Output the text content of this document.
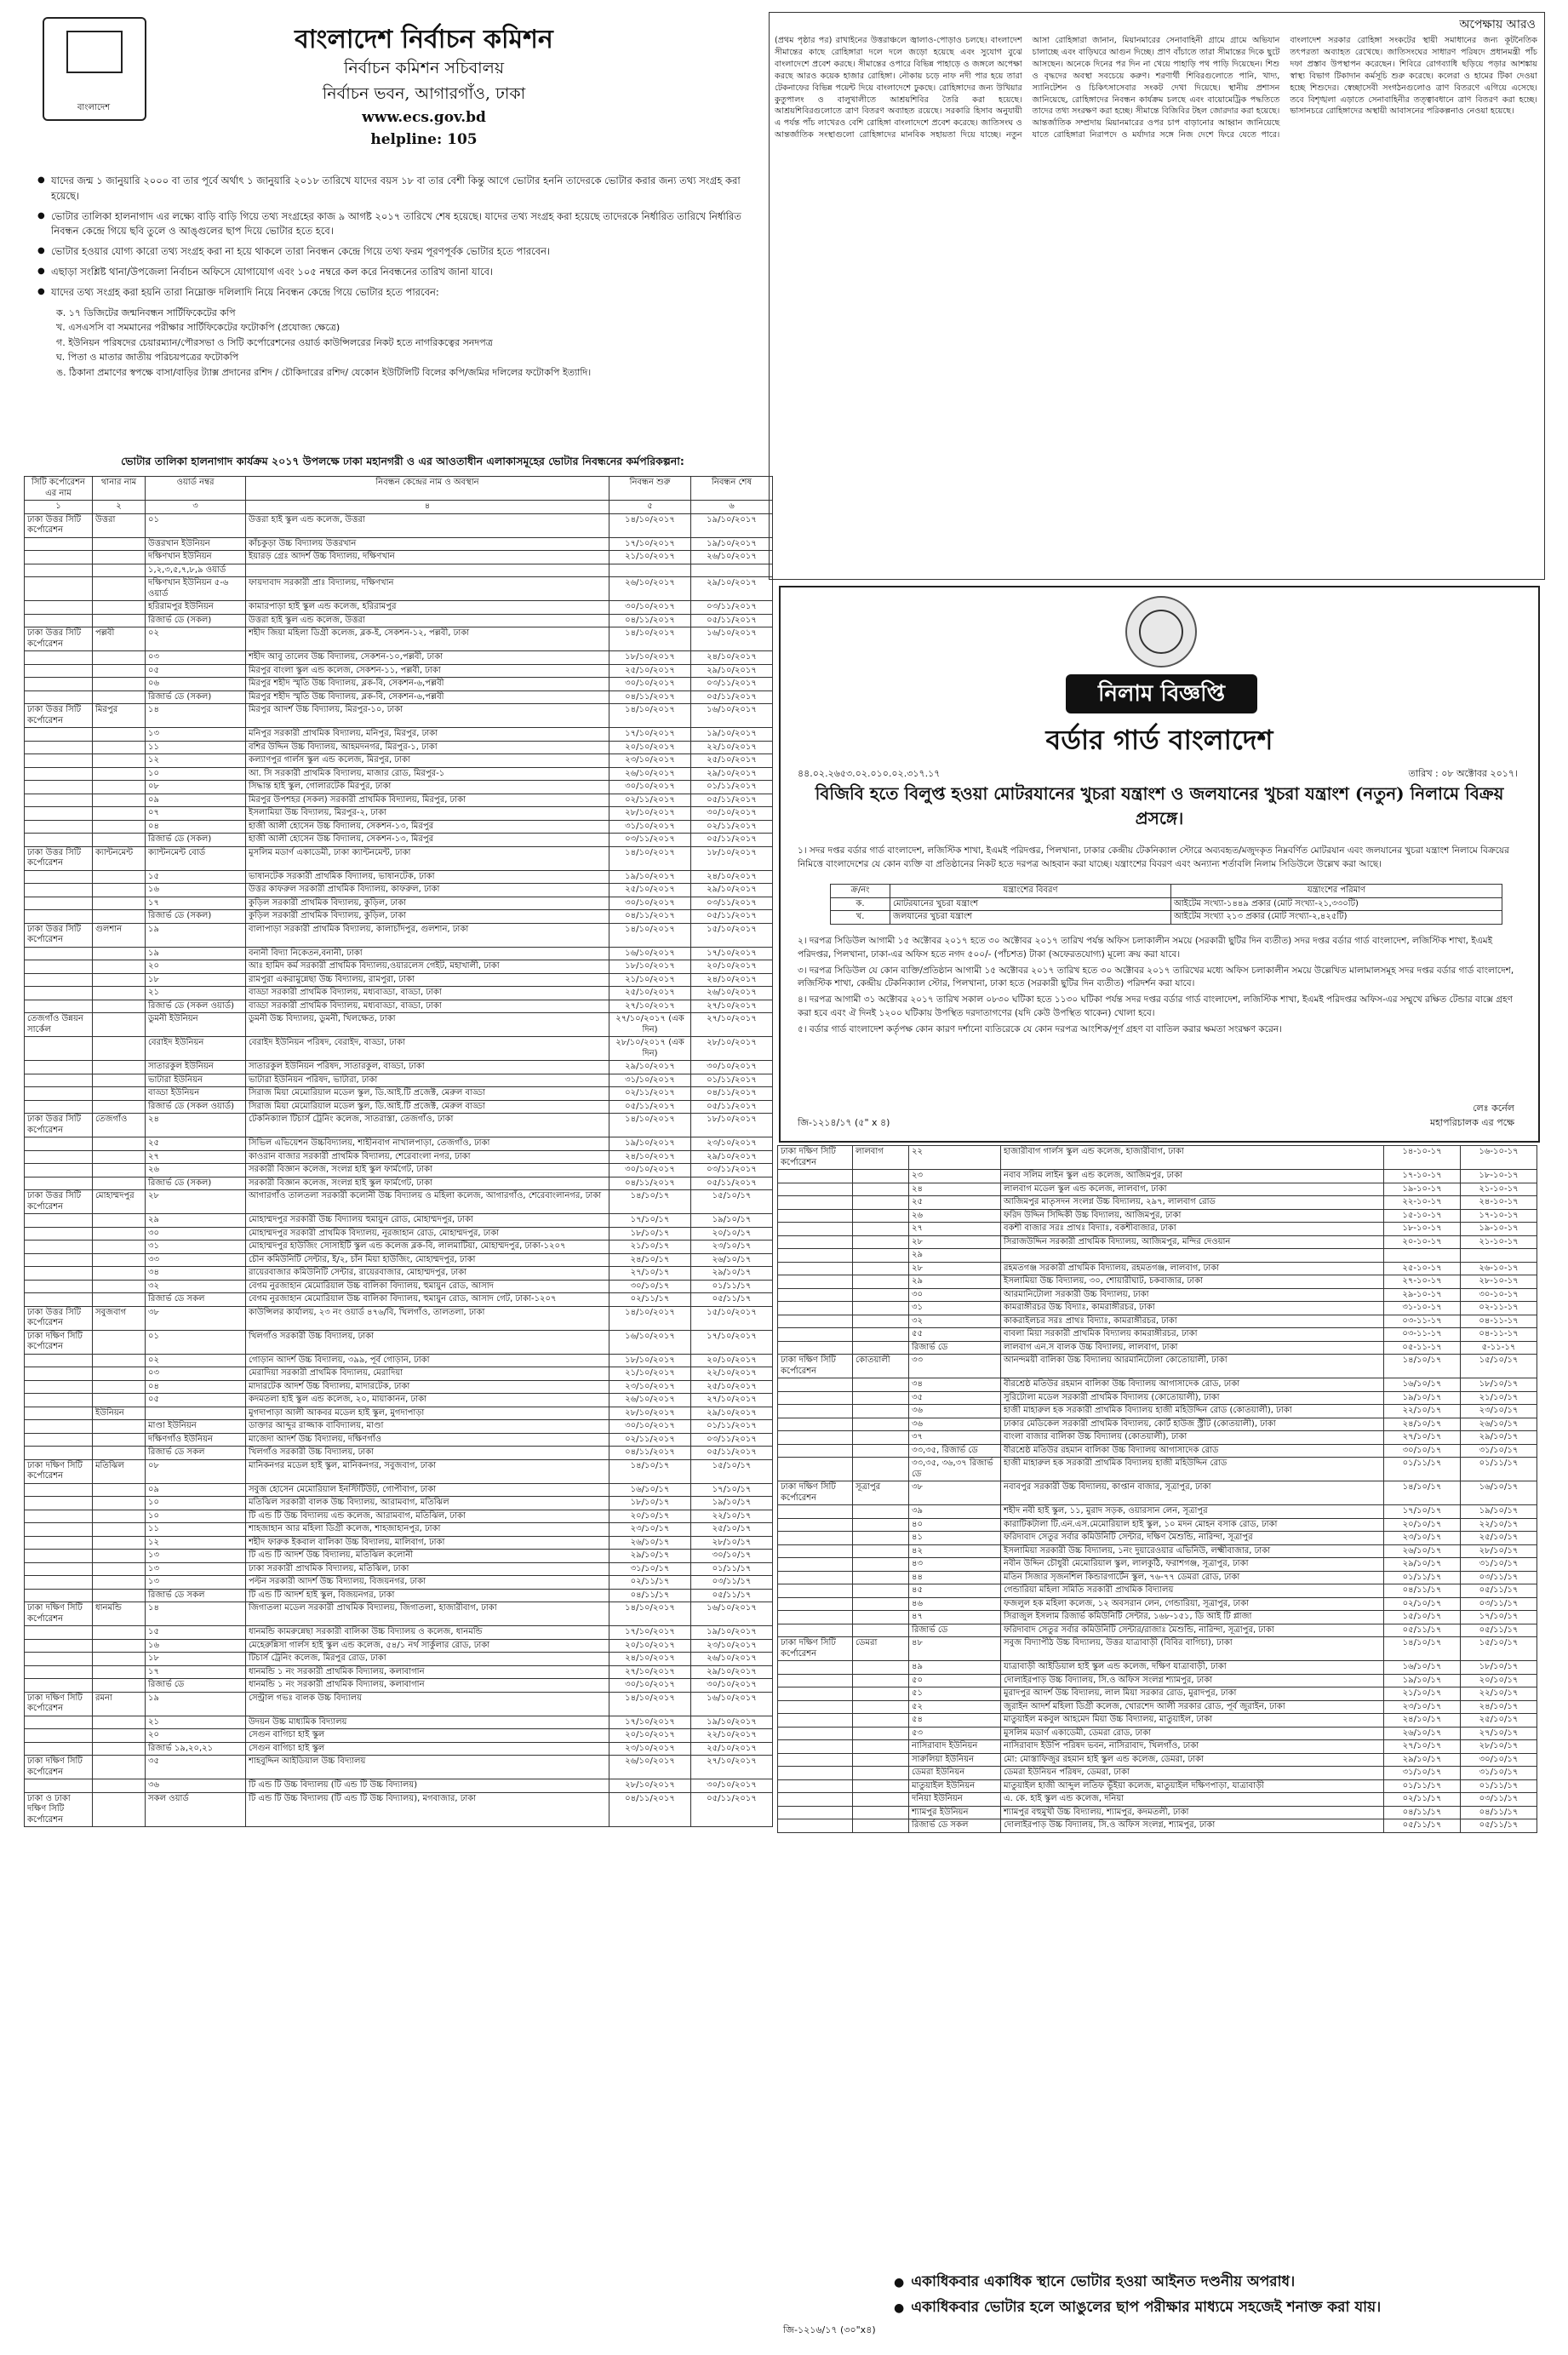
বাংলাদেশ
বাংলাদেশ নির্বাচন কমিশন
নির্বাচন কমিশন সচিবালয়
নির্বাচন ভবন, আগারগাঁও, ঢাকা
www.ecs.gov.bd
helpline: 105
● যাদের জন্ম ১ জানুয়ারি ২০০০ বা তার পূর্বে অর্থাৎ ১ জানুয়ারি ২০১৮ তারিখে যাদের বয়স ১৮ বা তার বেশী কিন্তু আগে ভোটার হননি তাদেরকে ভোটার করার জন্য তথ্য সংগ্রহ করা হয়েছে।
● ভোটার তালিকা হালনাগাদ এর লক্ষ্যে বাড়ি বাড়ি গিয়ে তথ্য সংগ্রহের কাজ ৯ আগষ্ট ২০১৭ তারিখে শেষ হয়েছে। যাদের তথ্য সংগ্রহ করা হয়েছে তাদেরকে নির্ধারিত তারিখে নির্ধারিত নিবন্ধন কেন্দ্রে গিয়ে ছবি তুলে ও আঙ্গুলের ছাপ দিয়ে ভোটার হতে হবে।
● ভোটার হওয়ার যোগ্য কারো তথ্য সংগ্রহ করা না হয়ে থাকলে তারা নিবন্ধন কেন্দ্রে গিয়ে তথ্য ফরম পূরণপূর্বক ভোটার হতে পারবেন।
● এছাড়া সংশ্লিষ্ট থানা/উপজেলা নির্বাচন অফিসে যোগাযোগ এবং ১০৫ নম্বরে কল করে নিবন্ধনের তারিখ জানা যাবে।
● যাদের তথ্য সংগ্রহ করা হয়নি তারা নিম্নোক্ত দলিলাদি নিয়ে নিবন্ধন কেন্দ্রে গিয়ে ভোটার হতে পারবেন:
ক. ১৭ ডিজিটের জন্মনিবন্ধন সার্টিফিকেটের কপি
খ. এসএসসি বা সমমানের পরীক্ষার সার্টিফিকেটের ফটোকপি (প্রযোজ্য ক্ষেত্রে)
গ. ইউনিয়ন পরিষদের চেয়ারম্যান/পৌরসভা ও সিটি কর্পোরেশনের ওয়ার্ড কাউন্সিলরের নিকট হতে নাগরিকত্বের সনদপত্র
ঘ. পিতা ও মাতার জাতীয় পরিচয়পত্রের ফটোকপি
ঙ. ঠিকানা প্রমাণের স্বপক্ষে বাসা/বাড়ির ট্যাক্স প্রদানের রশিদ / চৌকিদারের রশিদ/ যেকোন ইউটিলিটি বিলের কপি/জমির দলিলের ফটোকপি ইত্যাদি।
ভোটার তালিকা হালনাগাদ কার্যক্রম ২০১৭ উপলক্ষে ঢাকা মহানগরী ও এর আওতাধীন এলাকাসমূহের ভোটার নিবন্ধনের কর্মপরিকল্পনা:
সিটি কর্পোরেশন এর নাম	থানার নাম	ওয়ার্ড নম্বর	নিবন্ধন কেন্দ্রের নাম ও অবস্থান	নিবন্ধন শুরু	নিবন্ধন শেষ
১	২	৩	৪	৫	৬
ঢাকা উত্তর সিটি কর্পোরেশন	উত্তরা	০১	উত্তরা হাই স্কুল এন্ড কলেজ, উত্তরা	১৪/১০/২০১৭	১৯/১০/২০১৭
		উত্তরখান ইউনিয়ন	কাঁচকুড়া উচ্চ বিদ্যালয় উত্তরখান	১৭/১০/২০১৭	১৯/১০/২০১৭
		দক্ষিণখান ইউনিয়ন	ইয়ারড় গ্রেঃ আদর্শ উচ্চ বিদ্যালয়, দক্ষিণখান	২১/১০/২০১৭	২৬/১০/২০১৭
		১,২,৩,৫,৭,৮,৯ ওয়ার্ড			
		দক্ষিণখান ইউনিয়ন ৫-৬ ওয়ার্ড	ফায়দাবাদ সরকারী প্রাঃ বিদ্যালয়, দক্ষিণখান	২৬/১০/২০১৭	২৯/১০/২০১৭
		হরিরামপুর ইউনিয়ন	কামারপাড়া হাই স্কুল এন্ড কলেজ, হরিরামপুর	৩০/১০/২০১৭	০৩/১১/২০১৭
		রিজার্ভ ডে (সকল)	উত্তরা হাই স্কুল এন্ড কলেজ, উত্তরা	০৪/১১/২০১৭	০৫/১১/২০১৭
ঢাকা উত্তর সিটি কর্পোরেশন	পল্লবী	০২	শহীদ জিয়া মহিলা ডিগ্রী কলেজ, ব্লক-ই, সেকশন-১২, পল্লবী, ঢাকা	১৪/১০/২০১৭	১৬/১০/২০১৭
		০৩	শহীদ আবু তালেব উচ্চ বিদ্যালয়, সেকশন-১০,পল্লবী, ঢাকা	১৮/১০/২০১৭	২৪/১০/২০১৭
		০৫	মিরপুর বাংলা স্কুল এন্ড কলেজ, সেকশন-১১, পল্লবী, ঢাকা	২৫/১০/২০১৭	২৯/১০/২০১৭
		০৬	মিরপুর শহীদ স্মৃতি উচ্চ বিদ্যালয়, ব্লক-বি, সেকশন-৬,পল্লবী	৩০/১০/২০১৭	০৩/১১/২০১৭
		রিজার্ভ ডে (সকল)	মিরপুর শহীদ স্মৃতি উচ্চ বিদ্যালয়, ব্লক-বি, সেকশন-৬,পল্লবী	০৪/১১/২০১৭	০৫/১১/২০১৭
ঢাকা উত্তর সিটি কর্পোরেশন	মিরপুর	১৪	মিরপুর আদর্শ উচ্চ বিদ্যালয়, মিরপুর-১০, ঢাকা	১৪/১০/২০১৭	১৬/১০/২০১৭
		১৩	মনিপুর সরকারী প্রাথমিক বিদ্যালয়, মনিপুর, মিরপুর, ঢাকা	১৭/১০/২০১৭	১৯/১০/২০১৭
		১১	বশির উদ্দিন উচ্চ বিদ্যালয়, আহমদনগর, মিরপুর-১, ঢাকা	২০/১০/২০১৭	২২/১০/২০১৭
		১২	কল্যাণপুর গার্লস স্কুল এন্ড কলেজ, মিরপুর, ঢাকা	২৩/১০/২০১৭	২৫/১০/২০১৭
		১০	আ. সি সরকারী প্রাথমিক বিদ্যালয়, মাজার রোড, মিরপুর-১	২৬/১০/২০১৭	২৯/১০/২০১৭
		০৮	সিদ্ধান্ত হাই স্কুল, গোলারটেক মিরপুর, ঢাকা	৩০/১০/২০১৭	০১/১১/২০১৭
		০৯	মিরপুর উপশহর (সকল) সরকারী প্রাথমিক বিদ্যালয়, মিরপুর, ঢাকা	০২/১১/২০১৭	০৫/১১/২০১৭
		০৭	ইসলামিয়া উচ্চ বিদ্যালয়, মিরপুর-২, ঢাকা	২৮/১০/২০১৭	৩০/১০/২০১৭
		০৪	হাজী আলী হোসেন উচ্চ বিদ্যালয়, সেকশন-১৩, মিরপুর	৩১/১০/২০১৭	০২/১১/২০১৭
		রিজার্ভ ডে (সকল)	হাজী আলী হোসেন উচ্চ বিদ্যালয়, সেকশন-১৩, মিরপুর	০৩/১১/২০১৭	০৫/১১/২০১৭
ঢাকা উত্তর সিটি কর্পোরেশন	ক্যান্টনমেন্ট	ক্যান্টনমেন্ট বোর্ড	মুসলিম মডার্ণ একাডেমী, ঢাকা ক্যান্টনমেন্ট, ঢাকা	১৪/১০/২০১৭	১৮/১০/২০১৭
		১৫	ভাষানটেক সরকারী প্রাথমিক বিদ্যালয়, ভাষানটেক, ঢাকা	১৯/১০/২০১৭	২৪/১০/২০১৭
		১৬	উত্তর কাফরুল সরকারী প্রাথমিক বিদ্যালয়, কাফরুল, ঢাকা	২৫/১০/২০১৭	২৯/১০/২০১৭
		১৭	কুড়িল সরকারী প্রাথমিক বিদ্যালয়, কুড়িল, ঢাকা	৩০/১০/২০১৭	০৩/১১/২০১৭
		রিজার্ভ ডে (সকল)	কুড়িল সরকারী প্রাথমিক বিদ্যালয়, কুড়িল, ঢাকা	০৪/১১/২০১৭	০৫/১১/২০১৭
ঢাকা উত্তর সিটি কর্পোরেশন	গুলশান	১৯	বালাপাড়া সরকারী প্রাথমিক বিদ্যালয়, কালাচাঁদপুর, গুলশান, ঢাকা	১৪/১০/২০১৭	১৫/১০/২০১৭
		১৯	বনানী বিদ্যা নিকেতন,বনানী, ঢাকা	১৬/১০/২০১৭	১৭/১০/২০১৭
		২০	আঃ হামিদ কর্ম সরকারী প্রাথমিক বিদ্যালয়,ওয়ারলেস গেইট, মহাখালী, ঢাকা	১৮/১০/২০১৭	২০/১০/২০১৭
		১৮	রামপুরা একরামুন্নেছা উচ্চ বিদ্যালয়, রামপুরা, ঢাকা	২১/১০/২০১৭	২৪/১০/২০১৭
		২১	বাড্ডা সরকারী প্রাথমিক বিদ্যালয়, মধ্যবাড্ডা, বাড্ডা, ঢাকা	২৫/১০/২০১৭	২৬/১০/২০১৭
		রিজার্ভ ডে (সকল ওয়ার্ড)	বাড্ডা সরকারী প্রাথমিক বিদ্যালয়, মধ্যবাড্ডা, বাড্ডা, ঢাকা	২৭/১০/২০১৭	২৭/১০/২০১৭
তেজগাঁও উন্নয়ন সার্কেল		ডুমনী ইউনিয়ন	ডুমনী উচ্চ বিদ্যালয়, ডুমনী, খিলক্ষেত, ঢাকা	২৭/১০/২০১৭ (এক দিন)	২৭/১০/২০১৭
		বেরাইদ ইউনিয়ন	বেরাইদ ইউনিয়ন পরিষদ, বেরাইদ, বাড্ডা, ঢাকা	২৮/১০/২০১৭ (এক দিন)	২৮/১০/২০১৭
		সাতারকুল ইউনিয়ন	সাতারকুল ইউনিয়ন পরিষদ, সাতারকুল, বাড্ডা, ঢাকা	২৯/১০/২০১৭	৩০/১০/২০১৭
		ভাটারা ইউনিয়ন	ভাটারা ইউনিয়ন পরিষদ, ভাটারা, ঢাকা	৩১/১০/২০১৭	০১/১১/২০১৭
		বাড্ডা ইউনিয়ন	সিরাজ মিয়া মেমোরিয়াল মডেল স্কুল, ডি.আই.টি প্রজেক্ট, মেরুল বাড্ডা	০২/১১/২০১৭	০৪/১১/২০১৭
		রিজার্ভ ডে (সকল ওয়ার্ড)	সিরাজ মিয়া মেমোরিয়াল মডেল স্কুল, ডি.আই.টি প্রজেক্ট, মেরুল বাড্ডা	০৫/১১/২০১৭	০৫/১১/২০১৭
ঢাকা উত্তর সিটি কর্পোরেশন	তেজগাঁও	২৪	টেকনিক্যাল টিচার্স ট্রেনিং কলেজ, সাতরাস্তা, তেজগাঁও, ঢাকা	১৪/১০/২০১৭	১৮/১০/২০১৭
		২৫	সিভিল এভিয়েশন উচ্চবিদ্যালয়, শাহীনবাগ নাখালপাড়া, তেজগাঁও, ঢাকা	১৯/১০/২০১৭	২৩/১০/২০১৭
		২৭	কাওরান বাজার সরকারী প্রাথমিক বিদ্যালয়, শেরেবাংলা নগর, ঢাকা	২৪/১০/২০১৭	২৯/১০/২০১৭
		২৬	সরকারী বিজ্ঞান কলেজ, সংলগ্ন হাই স্কুল ফার্মগেট, ঢাকা	৩০/১০/২০১৭	০৩/১১/২০১৭
		রিজার্ভ ডে (সকল)	সরকারী বিজ্ঞান কলেজ, সংলগ্ন হাই স্কুল ফার্মগেট, ঢাকা	০৪/১১/২০১৭	০৫/১১/২০১৭
ঢাকা উত্তর সিটি কর্পোরেশন	মোহাম্মদপুর	২৮	আগারগাঁও তালতলা সরকারী কলোনী উচ্চ বিদ্যালয় ও মহিলা কলেজ, আগারগাঁও, শেরেবাংলানগর, ঢাকা	১৪/১০/১৭	১৫/১০/১৭
		২৯	মোহাম্মদপুর সরকারী উচ্চ বিদ্যালয় হুমায়ুন রোড, মোহাম্মদপুর, ঢাকা	১৭/১০/১৭	১৯/১০/১৭
		৩০	মোহাম্মদপুর সরকারী প্রাথমিক বিদ্যালয়, নূরজাহান রোড, মোহাম্মদপুর, ঢাকা	১৮/১০/১৭	২০/১০/১৭
		৩১	মোহাম্মদপুর হাউজিং সোসাইটি স্কুল এন্ড কলেজ ব্লক-বি, লালমাটিয়া, মোহাম্মদপুর, ঢাকা-১২০৭	২১/১০/১৭	২৩/১০/১৭
		৩৩	চৌন কমিউনিটি সেন্টার, ই/২, চাঁন মিয়া হাউজিং, মোহাম্মদপুর, ঢাকা	২৪/১০/১৭	২৬/১০/১৭
		৩৪	রায়েরবাজার কমিউনিটি সেন্টার, রায়েরবাজার, মোহাম্মদপুর, ঢাকা	২৭/১০/১৭	২৯/১০/১৭
		৩২	বেগম নুরজাহান মেমোরিয়াল উচ্চ বালিকা বিদ্যালয়, হুমায়ুন রোড, আসাদ	৩০/১০/১৭	০১/১১/১৭
		রিজার্ভ ডে সকল	বেগম নুরজাহান মেমোরিয়াল উচ্চ বালিকা বিদ্যালয়, হুমায়ুন রোড, আসাদ গেট, ঢাকা-১২০৭	০২/১১/১৭	০৫/১১/১৭
ঢাকা উত্তর সিটি কর্পোরেশন	সবুজবাগ	৩৮	কাউন্সিলর কার্যালয়, ২৩ নং ওয়ার্ড ৪৭৬/বি, খিলগাঁও, তালতলা, ঢাকা	১৪/১০/২০১৭	১৫/১০/২০১৭
ঢাকা দক্ষিণ সিটি কর্পোরেশন		০১	খিলগাঁও সরকারী উচ্চ বিদ্যালয়, ঢাকা	১৬/১০/২০১৭	১৭/১০/২০১৭
		০২	গোড়ান আদর্শ উচ্চ বিদ্যালয়, ৩৯৯, পূর্ব গোড়ান, ঢাকা	১৮/১০/২০১৭	২০/১০/২০১৭
		০৩	মেরাদিয়া সরকারী প্রাথমিক বিদ্যালয়, মেরাদিয়া	২১/১০/২০১৭	২২/১০/২০১৭
		০৪	মাদারটেক আদর্শ উচ্চ বিদ্যালয়, মাদারটেক, ঢাকা	২৩/১০/২০১৭	২৫/১০/২০১৭
		০৫	কদমতলা হাই স্কুল এন্ড কলেজ, ২০, মায়াকানন, ঢাকা	২৬/১০/২০১৭	২৭/১০/২০১৭
	ইউনিয়ন		মুগদাপাড়া আলী আকবর মডেল হাই স্কুল, মুগদাপাড়া	২৮/১০/২০১৭	২৯/১০/২০১৭
		মাণ্ডা ইউনিয়ন	ডাক্তার আব্দুর রাজ্জাক বাবিদ্যালয়, মাণ্ডা	৩০/১০/২০১৭	০১/১১/২০১৭
		দক্ষিণগাঁও ইউনিয়ন	মাজেদা আদর্শ উচ্চ বিদ্যালয়, দক্ষিণগাঁও	০২/১১/২০১৭	০৩/১১/২০১৭
		রিজার্ভ ডে সকল	খিলগাঁও সরকারী উচ্চ বিদ্যালয়, ঢাকা	০৪/১১/২০১৭	০৫/১১/২০১৭
ঢাকা দক্ষিণ সিটি কর্পোরেশন	মতিঝিল	০৮	মানিকনগর মডেল হাই স্কুল, মানিকনগর, সবুজবাগ, ঢাকা	১৪/১০/১৭	১৫/১০/১৭
		০৯	সবুজ হোসেন মেমোরিয়াল ইনস্টিটিউট, গোপীবাগ, ঢাকা	১৬/১০/১৭	১৭/১০/১৭
		১০	মতিঝিল সরকারী বালক উচ্চ বিদ্যালয়, আরামবাগ, মতিঝিল	১৮/১০/১৭	১৯/১০/১৭
		১০	টি এন্ড টি উচ্চ বিদ্যালয় এন্ড কলেজ, আরামবাগ, মতিঝিল, ঢাকা	২০/১০/১৭	২২/১০/১৭
		১১	শাহজাহান আর মহিলা ডিগ্রী কলেজ, শাহজাহানপুর, ঢাকা	২৩/১০/১৭	২৫/১০/১৭
		১২	শহীদ ফারুক ইকবাল বালিকা উচ্চ বিদ্যালয়, মালিবাগ, ঢাকা	২৬/১০/১৭	২৮/১০/১৭
		১৩	টি এন্ড টি আদর্শ উচ্চ বিদ্যালয়, মতিঝিল কলোনী	২৯/১০/১৭	৩০/১০/১৭
		১৩	ঢাকা সরকারী প্রাথমিক বিদ্যালয়, মতিঝিল, ঢাকা	৩১/১০/১৭	০১/১১/১৭
		১৩	পল্টন সরকারী আদর্শ উচ্চ বিদ্যালয়, বিজয়নগর, ঢাকা	০২/১১/১৭	০৩/১১/১৭
		রিজার্ভ ডে সকল	টি এন্ড টি আদর্শ হাই স্কুল, বিজয়নগর, ঢাকা	০৪/১১/১৭	০৫/১১/১৭
ঢাকা দক্ষিণ সিটি কর্পোরেশন	ধানমন্ডি	১৪	জিগাতলা মডেল সরকারী প্রাথমিক বিদ্যালয়, জিগাতলা, হাজারীবাগ, ঢাকা	১৪/১০/২০১৭	১৬/১০/২০১৭
		১৫	ধানমন্ডি কামরুন্নেছা সরকারী বালিকা উচ্চ বিদ্যালয় ও কলেজ, ধানমন্ডি	১৭/১০/২০১৭	১৯/১০/২০১৭
		১৬	মেহেরুন্নিসা গার্লস হাই স্কুল এন্ড কলেজ, ৫৪/১ নর্থ সার্কুলার রোড, ঢাকা	২০/১০/২০১৭	২৩/১০/২০১৭
		১৮	টিচার্স ট্রেনিং কলেজ, মিরপুর রোড, ঢাকা	২৪/১০/২০১৭	২৬/১০/২০১৭
		১৭	ধানমন্ডি ১ নং সরকারী প্রাথমিক বিদ্যালয়, কলাবাগান	২৭/১০/২০১৭	২৯/১০/২০১৭
		রিজার্ভ ডে	ধানমন্ডি ১ নং সরকারী প্রাথমিক বিদ্যালয়, কলাবাগান	৩০/১০/২০১৭	৩০/১০/২০১৭
ঢাকা দক্ষিণ সিটি কর্পোরেশন	রমনা	১৯	সেন্ট্রাল গভঃ বালক উচ্চ বিদ্যালয়	১৪/১০/২০১৭	১৬/১০/২০১৭
		২১	উদয়ন উচ্চ মাধ্যমিক বিদ্যালয়	১৭/১০/২০১৭	১৯/১০/২০১৭
		২০	সেগুন বাগিচা হাই স্কুল	২০/১০/২০১৭	২২/১০/২০১৭
		রিজার্ভ ১৯,২০,২১	সেগুন বাগিচা হাই স্কুল	২৩/১০/২০১৭	২৫/১০/২০১৭
ঢাকা দক্ষিণ সিটি কর্পোরেশন		৩৫	শাহবুদ্দিন আইডিয়াল উচ্চ বিদ্যালয়	২৬/১০/২০১৭	২৭/১০/২০১৭
		৩৬	টি এন্ড টি উচ্চ বিদ্যালয় (টি এন্ড টি উচ্চ বিদ্যালয়)	২৮/১০/২০১৭	৩০/১০/২০১৭
ঢাকা ও ঢাকা দক্ষিণ সিটি কর্পোরেশন		সকল ওয়ার্ড	টি এন্ড টি উচ্চ বিদ্যালয় (টি এন্ড টি উচ্চ বিদ্যালয়), মগবাজার, ঢাকা	০৪/১১/২০১৭	০৫/১১/২০১৭
অপেক্ষায় আরও
(প্রথম পৃষ্ঠার পর) রাখাইনের উত্তরাঞ্চলে জ্বালাও-পোড়াও চলছে। বাংলাদেশ সীমান্তের কাছে রোহিঙ্গারা দলে দলে জড়ো হয়েছে এবং সুযোগ বুঝে বাংলাদেশে প্রবেশ করছে। সীমান্তের ওপারে বিভিন্ন পাহাড়ে ও জঙ্গলে অপেক্ষা করছে আরও কয়েক হাজার রোহিঙ্গা। নৌকায় চড়ে নাফ নদী পার হয়ে তারা টেকনাফের বিভিন্ন পয়েন্ট দিয়ে বাংলাদেশে ঢুকছে। রোহিঙ্গাদের জন্য উখিয়ার কুতুপালং ও বালুখালীতে আশ্রয়শিবির তৈরি করা হয়েছে। আশ্রয়শিবিরগুলোতে ত্রাণ বিতরণ অব্যাহত রয়েছে। সরকারি হিসাব অনুযায়ী এ পর্যন্ত পাঁচ লাখেরও বেশি রোহিঙ্গা বাংলাদেশে প্রবেশ করেছে। জাতিসংঘ ও আন্তর্জাতিক সংস্থাগুলো রোহিঙ্গাদের মানবিক সহায়তা দিয়ে যাচ্ছে। নতুন আসা রোহিঙ্গারা জানান, মিয়ানমারের সেনাবাহিনী গ্রামে গ্রামে অভিযান চালাচ্ছে এবং বাড়িঘরে আগুন দিচ্ছে। প্রাণ বাঁচাতে তারা সীমান্তের দিকে ছুটে আসছেন। অনেকে দিনের পর দিন না খেয়ে পাহাড়ি পথ পাড়ি দিয়েছেন। শিশু ও বৃদ্ধদের অবস্থা সবচেয়ে করুণ। শরণার্থী শিবিরগুলোতে পানি, খাদ্য, স্যানিটেশন ও চিকিৎসাসেবার সংকট দেখা দিয়েছে। স্থানীয় প্রশাসন জানিয়েছে, রোহিঙ্গাদের নিবন্ধন কার্যক্রম চলছে এবং বায়োমেট্রিক পদ্ধতিতে তাদের তথ্য সংরক্ষণ করা হচ্ছে। সীমান্তে বিজিবির টহল জোরদার করা হয়েছে। আন্তর্জাতিক সম্প্রদায় মিয়ানমারের ওপর চাপ বাড়ানোর আহ্বান জানিয়েছে যাতে রোহিঙ্গারা নিরাপদে ও মর্যাদার সঙ্গে নিজ দেশে ফিরে যেতে পারে। বাংলাদেশ সরকার রোহিঙ্গা সংকটের স্থায়ী সমাধানের জন্য কূটনৈতিক তৎপরতা অব্যাহত রেখেছে। জাতিসংঘের সাধারণ পরিষদে প্রধানমন্ত্রী পাঁচ দফা প্রস্তাব উপস্থাপন করেছেন। শিবিরে রোগব্যাধি ছড়িয়ে পড়ার আশঙ্কায় স্বাস্থ্য বিভাগ টিকাদান কর্মসূচি শুরু করেছে। কলেরা ও হামের টিকা দেওয়া হচ্ছে শিশুদের। স্বেচ্ছাসেবী সংগঠনগুলোও ত্রাণ বিতরণে এগিয়ে এসেছে। তবে বিশৃঙ্খলা এড়াতে সেনাবাহিনীর তত্ত্বাবধানে ত্রাণ বিতরণ করা হচ্ছে। ভাসানচরে রোহিঙ্গাদের অস্থায়ী আবাসনের পরিকল্পনাও নেওয়া হয়েছে।
নিলাম বিজ্ঞপ্তি
বর্ডার গার্ড বাংলাদেশ
৪৪.০২.২৬৫৩.০২.০১০.০২.৩১৭.১৭	তারিখ : ০৮ অক্টোবর ২০১৭।
বিজিবি হতে বিলুপ্ত হওয়া মোটরযানের খুচরা যন্ত্রাংশ ও জলযানের খুচরা যন্ত্রাংশ (নতুন) নিলামে বিক্রয় প্রসঙ্গে।

১। সদর দপ্তর বর্ডার গার্ড বাংলাদেশ, লজিস্টিক শাখা, ইএমই পরিদপ্তর, পিলখানা, ঢাকার কেন্দ্রীয় টেকনিক্যাল স্টোরে অব্যবহৃত/মজুদকৃত নিম্নবর্ণিত মোটরযান এবং জলযানের খুচরা যন্ত্রাংশ নিলামে বিক্রয়ের নিমিত্তে বাংলাদেশের যে কোন ব্যক্তি বা প্রতিষ্ঠানের নিকট হতে দরপত্র আহবান করা যাচ্ছে। যন্ত্রাংশের বিবরণ এবং অন্যান্য শর্তাবলি নিলাম সিডিউলে উল্লেখ করা আছে।

ক্র/নং	যন্ত্রাংশের বিবরণ	যন্ত্রাংশের পরিমাণ
ক.	মোটরযানের খুচরা যন্ত্রাংশ	আইটেম সংখ্যা-১৪৪৯ প্রকার (মোট সংখ্যা-২১,৩৩০টি)
খ.	জলযানের খুচরা যন্ত্রাংশ	আইটেম সংখ্যা ২১৩ প্রকার (মোট সংখ্যা-২,৪২৫টি)

২। দরপত্র সিডিউল আগামী ১৫ অক্টোবর ২০১৭ হতে ৩০ অক্টোবর ২০১৭ তারিখ পর্যন্ত অফিস চলাকালীন সময়ে (সরকারী ছুটির দিন ব্যতীত) সদর দপ্তর বর্ডার গার্ড বাংলাদেশ, লজিস্টিক শাখা, ইএমই পরিদপ্তর, পিলখানা, ঢাকা-এর অফিস হতে নগদ ৫০০/- (পাঁচশত) টাকা (অফেরতযোগ্য) মূল্যে ক্রয় করা যাবে।

৩। দরপত্র সিডিউল যে কোন ব্যক্তি/প্রতিষ্ঠান আগামী ১৫ অক্টোবর ২০১৭ তারিখ হতে ৩০ অক্টোবর ২০১৭ তারিখের মধ্যে অফিস চলাকালীন সময়ে উল্লেখিত মালামালসমূহ সদর দপ্তর বর্ডার গার্ড বাংলাদেশ, লজিস্টিক শাখা, কেন্দ্রীয় টেকনিক্যাল স্টোর, পিলখানা, ঢাকা হতে (সরকারী ছুটির দিন ব্যতীত) পরিদর্শন করা যাবে।

৪। দরপত্র আগামী ৩১ অক্টোবর ২০১৭ তারিখ সকাল ০৮৩০ ঘটিকা হতে ১১৩০ ঘটিকা পর্যন্ত সদর দপ্তর বর্ডার গার্ড বাংলাদেশ, লজিস্টিক শাখা, ইএমই পরিদপ্তর অফিস-এর সম্মুখে রক্ষিত টেন্ডার বাক্সে গ্রহণ করা হবে এবং ঐ দিনই ১২০০ ঘটিকায় উপস্থিত দরদাতাগণের (যদি কেউ উপস্থিত থাকেন) খোলা হবে।

৫। বর্ডার গার্ড বাংলাদেশ কর্তৃপক্ষ কোন কারণ দর্শানো ব্যতিরেকে যে কোন দরপত্র আংশিক/পূর্ণ গ্রহণ বা বাতিল করার ক্ষমতা সংরক্ষণ করেন।

লেঃ কর্নেল
মহাপরিচালক এর পক্ষে
জি-১২১৪/১৭ (৫" x ৪)
ঢাকা দক্ষিণ সিটি কর্পোরেশন	লালবাগ	২২	হাজারীবাগ গার্লস স্কুল এন্ড কলেজ, হাজারীবাগ, ঢাকা	১৪-১০-১৭	১৬-১০-১৭
		২৩	নবাব সলিম লাইন স্কুল এন্ড কলেজ, আজিমপুর, ঢাকা	১৭-১০-১৭	১৮-১০-১৭
		২৪	লালবাগ মডেল স্কুল এন্ড কলেজ, লালবাগ, ঢাকা	১৯-১০-১৭	২১-১০-১৭
		২৫	আজিমপুর মাতৃসদন সংলগ্ন উচ্চ বিদ্যালয়, ২৯৭, লালবাগ রোড	২২-১০-১৭	২৪-১০-১৭
		২৬	ফরিদ উদ্দিন সিদ্দিকী উচ্চ বিদ্যালয়, আজিমপুর, ঢাকা	১৫-১০-১৭	১৭-১০-১৭
		২৭	বকশী বাজার সরঃ প্রাথঃ বিদ্যাঃ, বকশীবাজার, ঢাকা	১৮-১০-১৭	১৯-১০-১৭
		২৮	সিরাজউদ্দিন সরকারী প্রাথমিক বিদ্যালয়, আজিমপুর, মন্দির দেওয়ান	২০-১০-১৭	২১-১০-১৭
		২৯			
		২৮	রহমতগঞ্জ সরকারী প্রাথমিক বিদ্যালয়, রহমতগঞ্জ, লালবাগ, ঢাকা	২৫-১০-১৭	২৬-১০-১৭
		২৯	ইসলামিয়া উচ্চ বিদ্যালয়, ৩০, শোয়ারীঘাট, চকবাজার, ঢাকা	২৭-১০-১৭	২৮-১০-১৭
		৩০	আরমানিটোলা সরকারী উচ্চ বিদ্যালয়, ঢাকা	২৯-১০-১৭	৩০-১০-১৭
		৩১	কামরাঙ্গীরচর উচ্চ বিদ্যাঃ, কামরাঙ্গীরচর, ঢাকা	৩১-১০-১৭	০২-১১-১৭
		৩২	কাকরাইলচর সরঃ প্রাথঃ বিদ্যাঃ, কামরাঙ্গীরচর, ঢাকা	০৩-১১-১৭	০৪-১১-১৭
		৫৫	বাবলা মিয়া সরকারী প্রাথমিক বিদ্যালয় কামরাঙ্গীরচর, ঢাকা	০৩-১১-১৭	০৪-১১-১৭
		রিজার্ভ ডে	লালবাগ এন.স বালক উচ্চ বিদ্যালয়, লালবাগ, ঢাকা	০৫-১১-১৭	৫-১১-১৭
ঢাকা দক্ষিণ সিটি কর্পোরেশন	কোতয়ালী	৩৩	আনন্দময়ী বালিকা উচ্চ বিদ্যালয় আরমানিটোলা কোতোয়ালী, ঢাকা	১৪/১০/১৭	১৫/১০/১৭
		৩৪	বীরশ্রেষ্ঠ মতিউর রহমান বালিকা উচ্চ বিদ্যালয় আগাসাদেক রোড, ঢাকা	১৬/১০/১৭	১৮/১০/১৭
		৩৫	সুরিটোলা মডেল সরকারী প্রাথমিক বিদ্যালয় (কোতোয়ালী), ঢাকা	১৯/১০/১৭	২১/১০/১৭
		৩৬	হাজী মাহারুল হক সরকারী প্রাথমিক বিদ্যালয় হাজী মহিউদ্দিন রোড (কোতয়ালী), ঢাকা	২২/১০/১৭	২৩/১০/১৭
		৩৬	ঢাকার মেডিকেল সরকারী প্রাথমিক বিদ্যালয়, কোর্ট হাউজ স্ট্রীট (কোতয়ালী), ঢাকা	২৪/১০/১৭	২৬/১০/১৭
		৩৭	বাংলা বাজার বালিকা উচ্চ বিদ্যালয় (কোতয়ালী), ঢাকা	২৭/১০/১৭	২৯/১০/১৭
		৩৩,৩৫, রিজার্ভ ডে	বীরশ্রেষ্ঠ মতিউর রহমান বালিকা উচ্চ বিদ্যালয় আগাসাদেক রোড	৩০/১০/১৭	৩১/১০/১৭
		৩৩,৩৫, ৩৬,৩৭ রিজার্ভ ডে	হাজী মাহারুল হক সরকারী প্রাথমিক বিদ্যালয় হাজী মহিউদ্দিন রোড	০১/১১/১৭	০১/১১/১৭
ঢাকা দক্ষিণ সিটি কর্পোরেশন	সূত্রাপুর	৩৮	নবাবপুর সরকারী উচ্চ বিদ্যালয়, কাপ্তান বাজার, সূত্রাপুর, ঢাকা	১৪/১০/১৭	১৬/১০/১৭
		৩৯	শহীদ নবী হাই স্কুল, ১১, মুরাদ সড়ক, ওয়ারসান লেন, সূত্রাপুর	১৭/১০/১৭	১৯/১০/১৭
		৪০	কারাটিকটালা টি.এন.এস.মেমোরিয়াল হাই স্কুল, ১০ মদন মোহন বসাক রোড, ঢাকা	২০/১০/১৭	২২/১০/১৭
		৪১	ফরিদাবাদ সেতুর সর্বার কমিউনিটি সেন্টার, দক্ষিণ মৈশুন্ডি, নারিন্দা, সূত্রাপুর	২৩/১০/১৭	২৫/১০/১৭
		৪২	ইসলামিয়া সরকারী উচ্চ বিদ্যালয়, ১নং দুয়ারেওয়ার এভিনিউ, লক্ষ্মীবাজার, ঢাকা	২৬/১০/১৭	২৮/১০/১৭
		৪৩	নবীন উদ্দিন চৌধুরী মেমোরিয়াল স্কুল, লালকুঠি, ফরাশগঞ্জ, সূত্রাপুর, ঢাকা	২৯/১০/১৭	৩১/১০/১৭
		৪৪	মতিন সিজার সৃজনশিল কিন্ডারগার্টেন স্কুল, ৭৬-৭৭ ডেমরা রোড, ঢাকা	০১/১১/১৭	০৩/১১/১৭
		৪৫	গেন্ডারিয়া মহিলা সমিতি সরকারী প্রাথমিক বিদ্যালয়	০৪/১১/১৭	০৫/১১/১৭
		৪৬	ফজলুল হক মহিলা কলেজ, ১২ অবসরান লেন, গেন্ডারিয়া, সূত্রাপুর, ঢাকা	০২/১০/১৭	০৩/১১/১৭
		৪৭	সিরাজুল ইসলাম রিজার্ভ কমিউনিটি সেন্টার, ১৬৮-১৫১, ডি আই টি প্লাজা	১৫/১০/১৭	১৭/১০/১৭
		রিজার্ভ ডে	ফরিদাবাদ সেতুর সর্বার কমিউনিটি সেন্টার/রাজাঃ মৈশুন্ডি, নারিন্দা, সূত্রাপুর, ঢাকা	০৫/১১/১৭	০৫/১১/১৭
ঢাকা দক্ষিণ সিটি কর্পোরেশন	ডেমরা	৪৮	সবুজ বিদ্যাপীঠ উচ্চ বিদ্যালয়, উত্তর যাত্রাবাড়ী (বিবির বাগিচা), ঢাকা	১৪/১০/১৭	১৫/১০/১৭
		৪৯	যাত্রাবাড়ী আইডিয়াল হাই স্কুল এন্ড কলেজ, দক্ষিণ যাত্রাবাড়ী, ঢাকা	১৬/১০/১৭	১৮/১০/১৭
		৫০	দোলাইরপাড় উচ্চ বিদ্যালয়, সি.ও অফিস সংলগ্ন শ্যামপুর, ঢাকা	১৯/১০/১৭	২০/১০/১৭
		৫১	মুরাদপুর আদর্শ উচ্চ বিদ্যালয়, লাল মিয়া সরকার রোড, মুরাদপুর, ঢাকা	২১/১০/১৭	২২/১০/১৭
		৫২	জুরাইন আদর্শ মহিলা ডিগ্রী কলেজ, খোরশেদ আলী সরকার রোড, পূর্ব জুরাইন, ঢাকা	২৩/১০/১৭	২৪/১০/১৭
		৫৪	মাতুয়াইল মকবুল আহমেদ মিয়া উচ্চ বিদ্যালয়, মাতুয়াইল, ঢাকা	২৪/১০/১৭	২৫/১০/১৭
		৫৩	মুসলিম মডার্ণ একাডেমী, ডেমরা রোড, ঢাকা	২৬/১০/১৭	২৭/১০/১৭
		নাসিরাবাদ ইউনিয়ন	নাসিরাবাদ ইউপি পরিষদ ভবন, নাসিরাবাদ, খিলগাঁও, ঢাকা	২৭/১০/১৭	২৮/১০/১৭
		সারুলিয়া ইউনিয়ন	মো: মোস্তাফিজুর রহমান হাই স্কুল এন্ড কলেজ, ডেমরা, ঢাকা	২৯/১০/১৭	৩০/১০/১৭
		ডেমরা ইউনিয়ন	ডেমরা ইউনিয়ন পরিষদ, ডেমরা, ঢাকা	৩১/১০/১৭	৩১/১০/১৭
		মাতুয়াইল ইউনিয়ন	মাতুয়াইল হাজী আব্দুল লতিফ ভূঁইয়া কলেজ, মাতুয়াইল দক্ষিণপাড়া, যাত্রাবাড়ী	০১/১১/১৭	০১/১১/১৭
		দনিয়া ইউনিয়ন	এ. কে. হাই স্কুল এন্ড কলেজ, দনিয়া	০২/১১/১৭	০৩/১১/১৭
		শ্যামপুর ইউনিয়ন	শ্যামপুর বহুমুখী উচ্চ বিদ্যালয়, শ্যামপুর, কদমতলী, ঢাকা	০৪/১১/১৭	০৪/১১/১৭
		রিজার্ভ ডে সকল	দোলাইরপাড় উচ্চ বিদ্যালয়, সি.ও অফিস সংলগ্ন, শ্যামপুর, ঢাকা	০৫/১১/১৭	০৫/১১/১৭
● একাধিকবার একাধিক স্থানে ভোটার হওয়া আইনত দণ্ডনীয় অপরাধ।
● একাধিকবার ভোটার হলে আঙুলের ছাপ পরীক্ষার মাধ্যমে সহজেই শনাক্ত করা যায়।
জি-১২১৬/১৭ (৩০"x৪)
